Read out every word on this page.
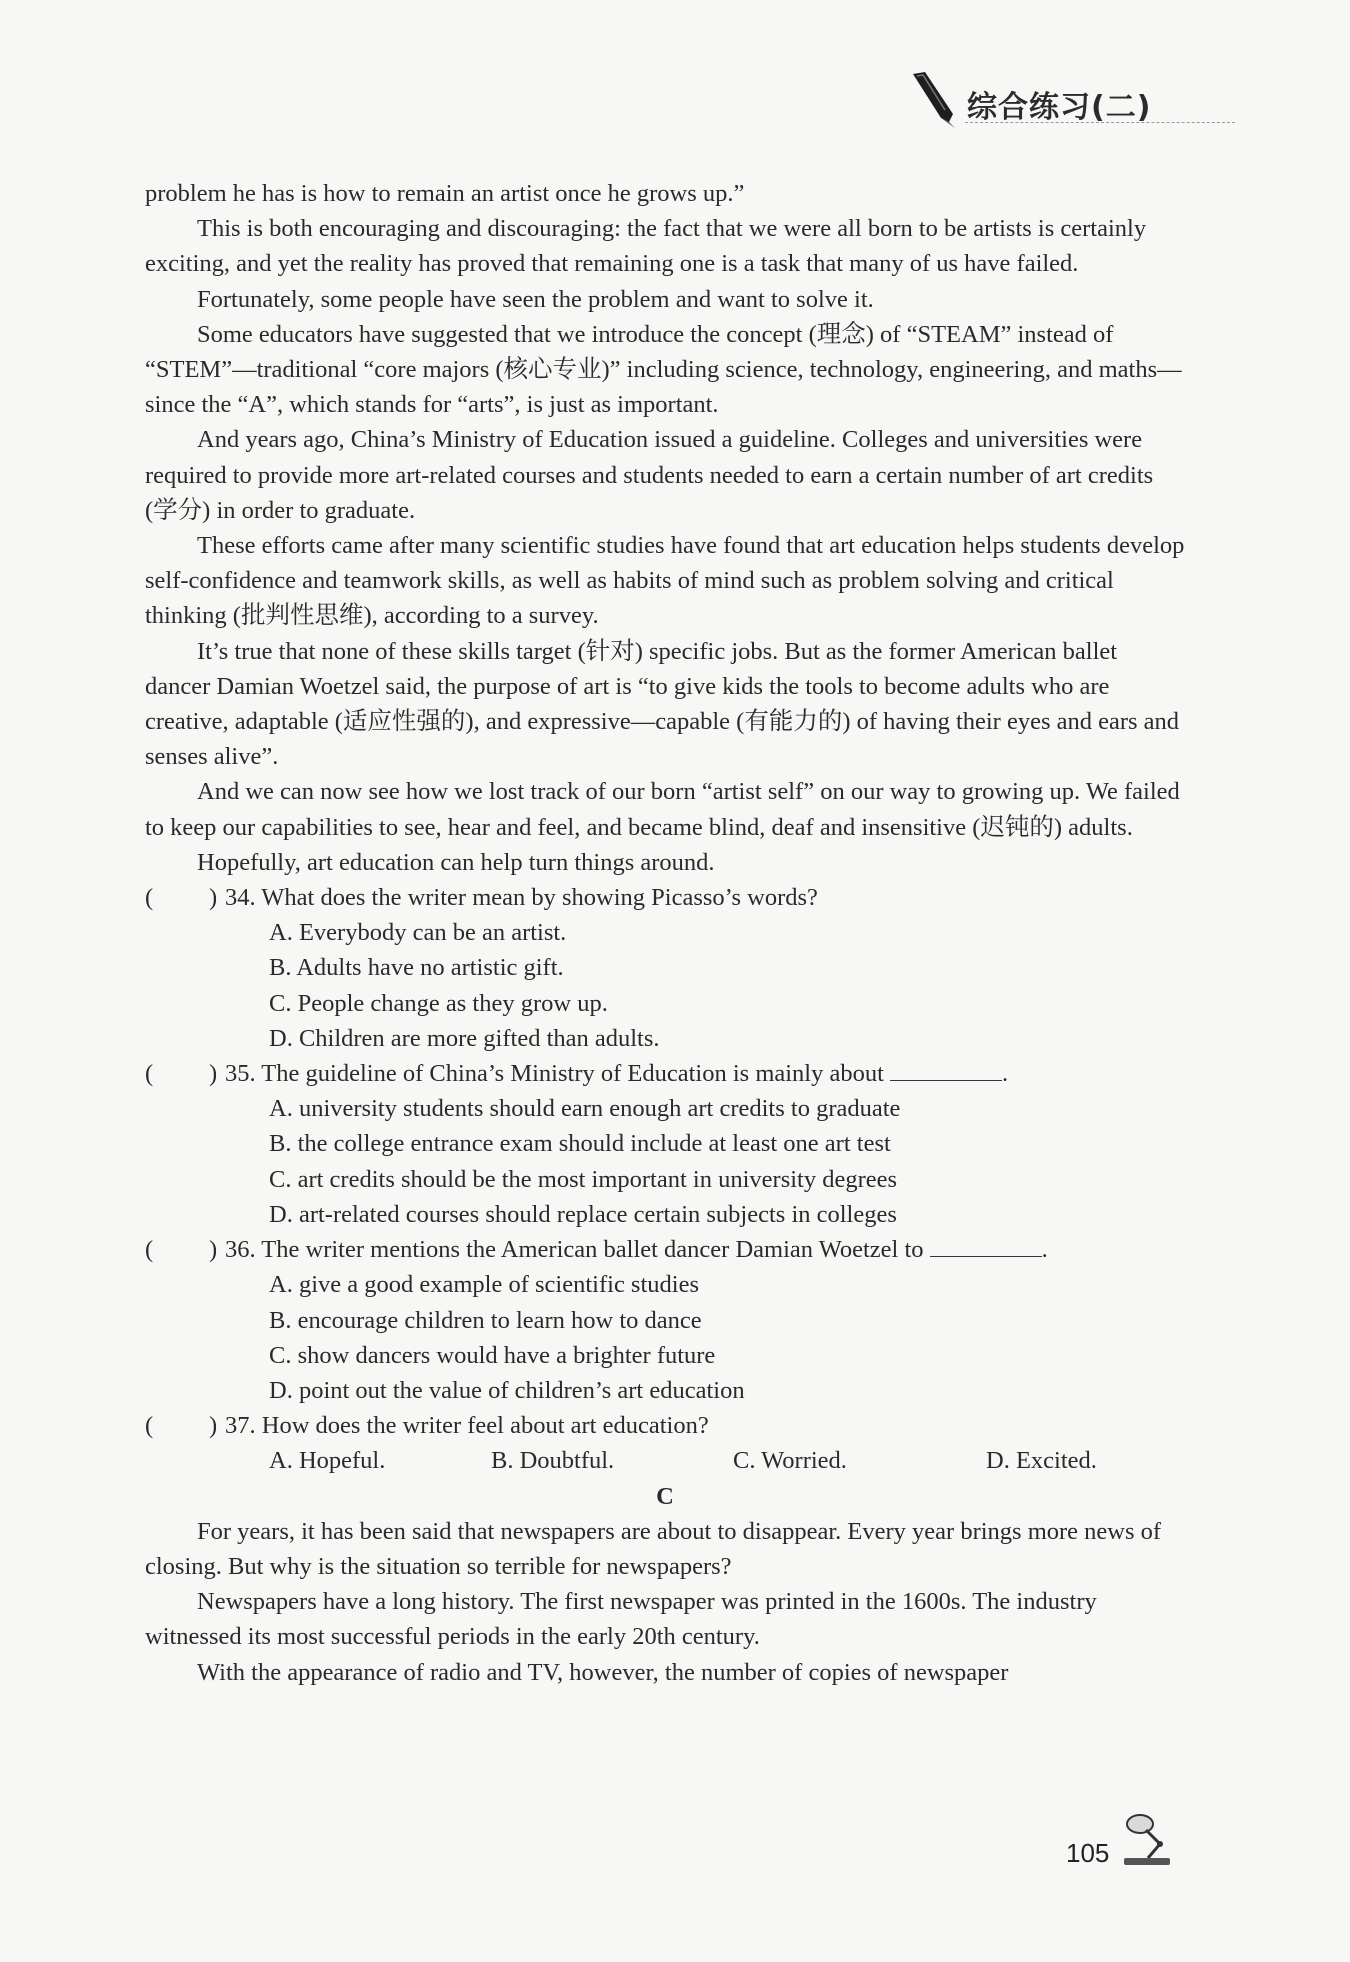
综合练习(二)

problem he has is how to remain an artist once he grows up.”

This is both encouraging and discouraging: the fact that we were all born to be artists is certainly exciting, and yet the reality has proved that remaining one is a task that many of us have failed.

Fortunately, some people have seen the problem and want to solve it.

Some educators have suggested that we introduce the concept (理念) of “STEAM” instead of “STEM”—traditional “core majors (核心专业)” including science, technology, engineering, and maths—since the “A”, which stands for “arts”, is just as important.

And years ago, China’s Ministry of Education issued a guideline. Colleges and universities were required to provide more art-related courses and students needed to earn a certain number of art credits (学分) in order to graduate.

These efforts came after many scientific studies have found that art education helps students develop self-confidence and teamwork skills, as well as habits of mind such as problem solving and critical thinking (批判性思维), according to a survey.

It’s true that none of these skills target (针对) specific jobs. But as the former American ballet dancer Damian Woetzel said, the purpose of art is “to give kids the tools to become adults who are creative, adaptable (适应性强的), and expressive—capable (有能力的) of having their eyes and ears and senses alive”.

And we can now see how we lost track of our born “artist self” on our way to growing up. We failed to keep our capabilities to see, hear and feel, and became blind, deaf and insensitive (迟钝的) adults.

Hopefully, art education can help turn things around.

( ) 34. What does the writer mean by showing Picasso’s words?

A. Everybody can be an artist.

B. Adults have no artistic gift.

C. People change as they grow up.

D. Children are more gifted than adults.

( ) 35. The guideline of China’s Ministry of Education is mainly about	.

A. university students should earn enough art credits to graduate

B. the college entrance exam should include at least one art test

C. art credits should be the most important in university degrees

D. art-related courses should replace certain subjects in colleges

( ) 36. The writer mentions the American ballet dancer Damian Woetzel to	.

A. give a good example of scientific studies

B. encourage children to learn how to dance

C. show dancers would have a brighter future

D. point out the value of children’s art education

( ) 37. How does the writer feel about art education?
A. Hopeful.	B. Doubtful.	C. Worried.	D. Excited.

C

For years, it has been said that newspapers are about to disappear. Every year brings more news of closing. But why is the situation so terrible for newspapers?

Newspapers have a long history. The first newspaper was printed in the 1600s. The industry witnessed its most successful periods in the early 20th century.

With the appearance of radio and TV, however, the number of copies of newspaper

105
